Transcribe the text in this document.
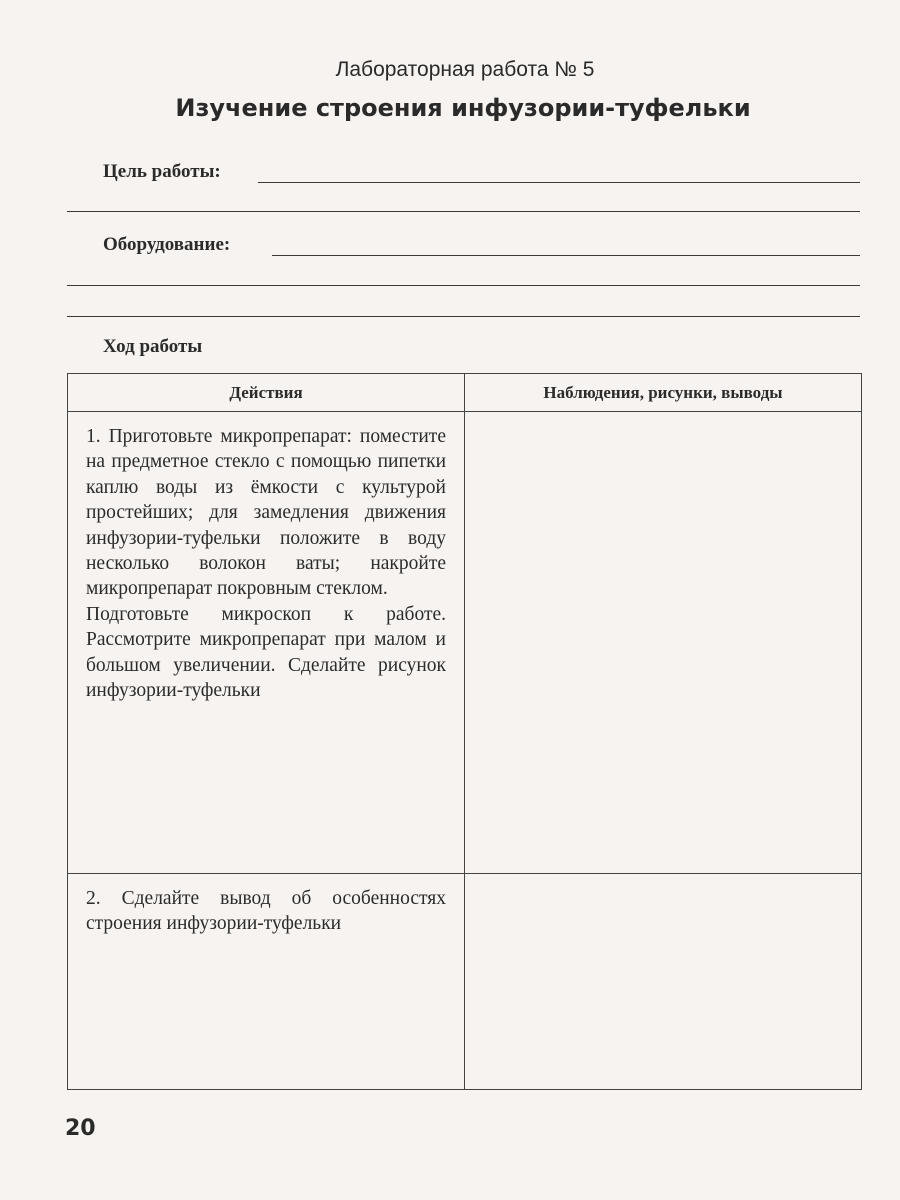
Лабораторная работа № 5
Изучение строения инфузории-туфельки
Цель работы:
Оборудование:
Ход работы
Действия	Наблюдения, рисунки, выводы

1. Приготовьте микропрепарат: поместите на предметное стекло с помощью пипетки каплю воды из ёмкости с культурой простейших; для замедления движения инфузории-туфельки положите в воду несколько волокон ваты; накройте микропрепарат покровным стеклом.
Подготовьте микроскоп к работе. Рассмотрите микропрепарат при малом и большом увеличении. Сделайте рисунок инфузории-туфельки	

2. Сделайте вывод об особенностях строения инфузории-туфельки	

20
